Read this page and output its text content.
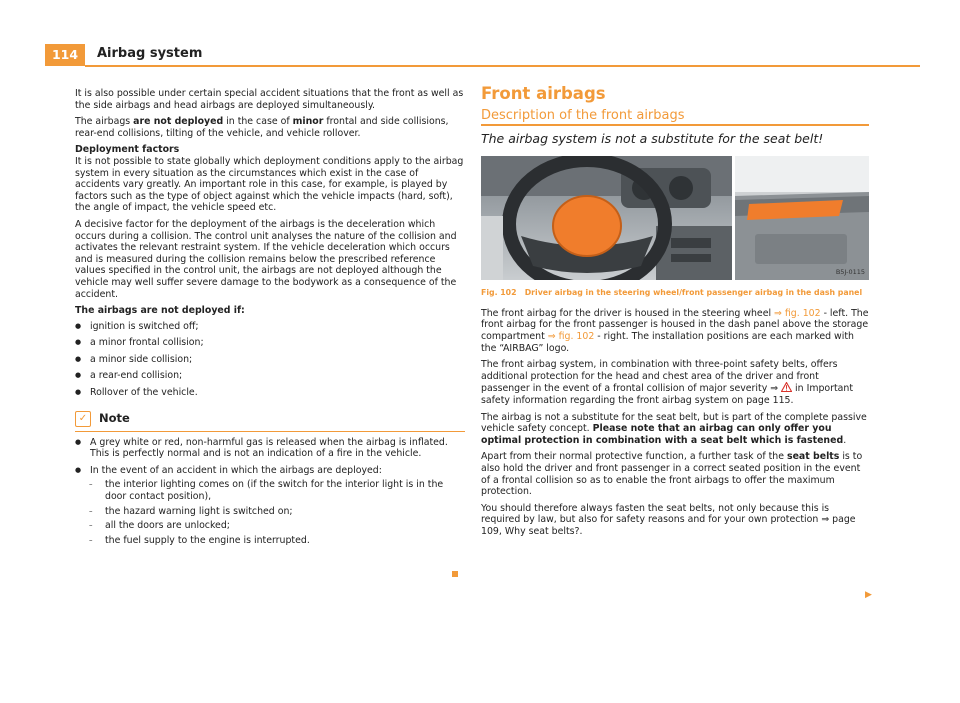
114	Airbag system

It is also possible under certain special accident situations that the front as well as the side airbags and head airbags are deployed simultaneously.

The airbags are not deployed in the case of minor frontal and side collisions, rear-end collisions, tilting of the vehicle, and vehicle rollover.

Deployment factors

It is not possible to state globally which deployment conditions apply to the airbag system in every situation as the circumstances which exist in the case of accidents vary greatly. An important role in this case, for example, is played by factors such as the type of object against which the vehicle impacts (hard, soft), the angle of impact, the vehicle speed etc.

A decisive factor for the deployment of the airbags is the deceleration which occurs during a collision. The control unit analyses the nature of the collision and activates the relevant restraint system. If the vehicle deceleration which occurs and is measured during the collision remains below the prescribed reference values specified in the control unit, the airbags are not deployed although the vehicle may well suffer severe damage to the bodywork as a consequence of the accident.

The airbags are not deployed if:

● ignition is switched off;
● a minor frontal collision;
● a minor side collision;
● a rear-end collision;
● Rollover of the vehicle.
✓	Note
● A grey white or red, non-harmful gas is released when the airbag is inflated. This is perfectly normal and is not an indication of a fire in the vehicle.
● In the event of an accident in which the airbags are deployed:
– the interior lighting comes on (if the switch for the interior light is in the door contact position),
– the hazard warning light is switched on;
– all the doors are unlocked;
– the fuel supply to the engine is interrupted.
Front airbags
Description of the front airbags
The airbag system is not a substitute for the seat belt!
B5J-0115
Fig. 102 Driver airbag in the steering wheel/front passenger airbag in the dash panel

The front airbag for the driver is housed in the steering wheel ⇒ fig. 102 - left. The front airbag for the front passenger is housed in the dash panel above the storage compartment ⇒ fig. 102 - right. The installation positions are each marked with the “AIRBAG” logo.

The front airbag system, in combination with three-point safety belts, offers additional protection for the head and chest area of the driver and front passenger in the event of a frontal collision of major severity ⇒  in Important safety information regarding the front airbag system on page 115.

The airbag is not a substitute for the seat belt, but is part of the complete passive vehicle safety concept. Please note that an airbag can only offer you optimal protection in combination with a seat belt which is fastened.

Apart from their normal protective function, a further task of the seat belts is to also hold the driver and front passenger in a correct seated position in the event of a frontal collision so as to enable the front airbags to offer the maximum protection.

You should therefore always fasten the seat belts, not only because this is required by law, but also for safety reasons and for your own protection ⇒ page 109, Why seat belts?.

▶
